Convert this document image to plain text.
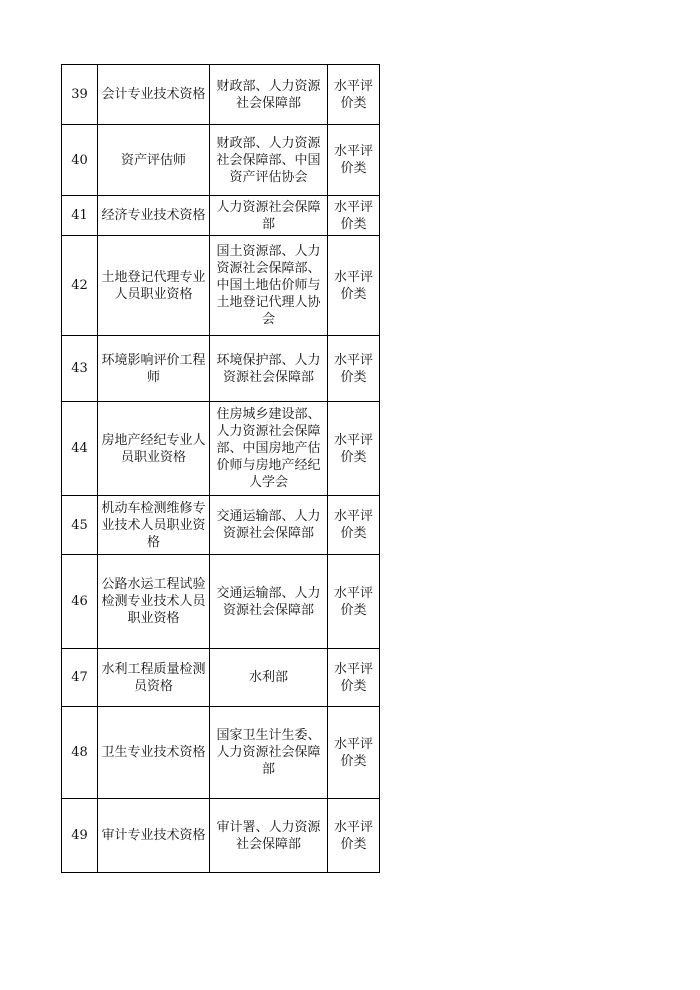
39	会计专业技术资格	财政部、人力资源社会保障部	水平评价类

40	资产评估师	财政部、人力资源社会保障部、中国资产评估协会	水平评价类

41	经济专业技术资格	人力资源社会保障部	水平评价类

42	土地登记代理专业人员职业资格	国土资源部、人力资源社会保障部、中国土地估价师与土地登记代理人协会	水平评价类

43	环境影响评价工程师	环境保护部、人力资源社会保障部	水平评价类

44	房地产经纪专业人员职业资格	住房城乡建设部、人力资源社会保障部、中国房地产估价师与房地产经纪人学会	水平评价类

45	机动车检测维修专业技术人员职业资格	交通运输部、人力资源社会保障部	水平评价类

46	公路水运工程试验检测专业技术人员职业资格	交通运输部、人力资源社会保障部	水平评价类

47	水利工程质量检测员资格	水利部	水平评价类

48	卫生专业技术资格	国家卫生计生委、人力资源社会保障部	水平评价类

49	审计专业技术资格	审计署、人力资源社会保障部	水平评价类
